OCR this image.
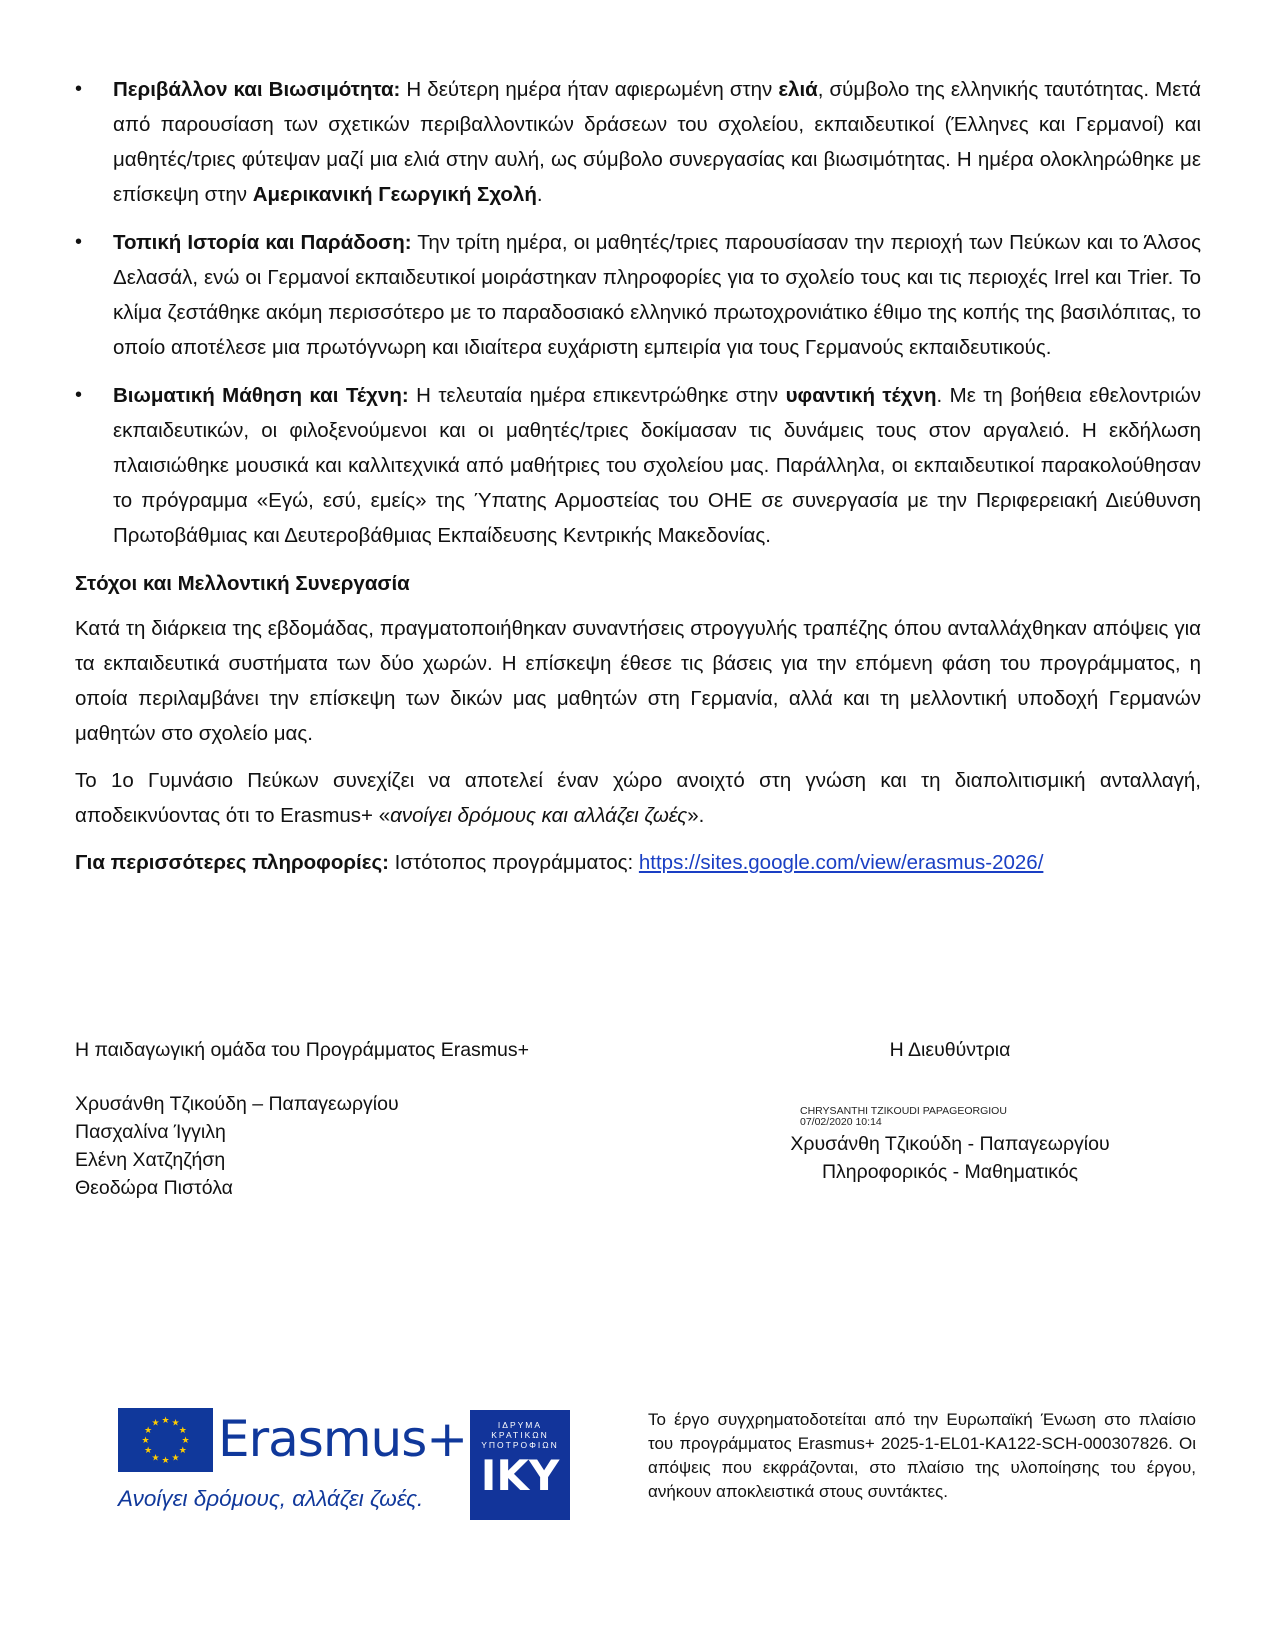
• Περιβάλλον και Βιωσιμότητα: Η δεύτερη ημέρα ήταν αφιερωμένη στην ελιά, σύμβολο της ελληνικής ταυτότητας. Μετά από παρουσίαση των σχετικών περιβαλλοντικών δράσεων του σχολείου, εκπαιδευτικοί (Έλληνες και Γερμανοί) και μαθητές/τριες φύτεψαν μαζί μια ελιά στην αυλή, ως σύμβολο συνεργασίας και βιωσιμότητας. Η ημέρα ολοκληρώθηκε με επίσκεψη στην Αμερικανική Γεωργική Σχολή.
• Τοπική Ιστορία και Παράδοση: Την τρίτη ημέρα, οι μαθητές/τριες παρουσίασαν την περιοχή των Πεύκων και το Άλσος Δελασάλ, ενώ οι Γερμανοί εκπαιδευτικοί μοιράστηκαν πληροφορίες για το σχολείο τους και τις περιοχές Irrel και Trier. Το κλίμα ζεστάθηκε ακόμη περισσότερο με το παραδοσιακό ελληνικό πρωτοχρονιάτικο έθιμο της κοπής της βασιλόπιτας, το οποίο αποτέλεσε μια πρωτόγνωρη και ιδιαίτερα ευχάριστη εμπειρία για τους Γερμανούς εκπαιδευτικούς.
• Βιωματική Μάθηση και Τέχνη: Η τελευταία ημέρα επικεντρώθηκε στην υφαντική τέχνη. Με τη βοήθεια εθελοντριών εκπαιδευτικών, οι φιλοξενούμενοι και οι μαθητές/τριες δοκίμασαν τις δυνάμεις τους στον αργαλειό. Η εκδήλωση πλαισιώθηκε μουσικά και καλλιτεχνικά από μαθήτριες του σχολείου μας. Παράλληλα, οι εκπαιδευτικοί παρακολούθησαν το πρόγραμμα «Εγώ, εσύ, εμείς» της Ύπατης Αρμοστείας του ΟΗΕ σε συνεργασία με την Περιφερειακή Διεύθυνση Πρωτοβάθμιας και Δευτεροβάθμιας Εκπαίδευσης Κεντρικής Μακεδονίας.

Στόχοι και Μελλοντική Συνεργασία

Κατά τη διάρκεια της εβδομάδας, πραγματοποιήθηκαν συναντήσεις στρογγυλής τραπέζης όπου ανταλλάχθηκαν απόψεις για τα εκπαιδευτικά συστήματα των δύο χωρών. Η επίσκεψη έθεσε τις βάσεις για την επόμενη φάση του προγράμματος, η οποία περιλαμβάνει την επίσκεψη των δικών μας μαθητών στη Γερμανία, αλλά και τη μελλοντική υποδοχή Γερμανών μαθητών στο σχολείο μας.

Το 1ο Γυμνάσιο Πεύκων συνεχίζει να αποτελεί έναν χώρο ανοιχτό στη γνώση και τη διαπολιτισμική ανταλλαγή, αποδεικνύοντας ότι το Erasmus+ «ανοίγει δρόμους και αλλάζει ζωές».

Για περισσότερες πληροφορίες: Ιστότοπος προγράμματος: https://sites.google.com/view/erasmus-2026/

Η παιδαγωγική ομάδα του Προγράμματος Erasmus+
Χρυσάνθη Τζικούδη – Παπαγεωργίου
Πασχαλίνα Ίγγιλη
Ελένη Χατζηζήση
Θεοδώρα Πιστόλα
Η Διευθύντρια
CHRYSANTHI TZIKOUDI PAPAGEORGIOU
07/02/2020 10:14
Χρυσάνθη Τζικούδη - Παπαγεωργίου
Πληροφορικός - Μαθηματικός
★
★
★
★
★
★
★
★
★ ★ ★
★ Erasmus+
Ανοίγει δρόμους, αλλάζει ζωές.
ΙΔΡΥΜΑ
ΚΡΑΤΙΚΩΝ
ΥΠΟΤΡΟΦΙΩΝ
IKY
Το έργο συγχρηματοδοτείται από την Ευρωπαϊκή Ένωση στο πλαίσιο του προγράμματος Erasmus+ 2025-1-EL01-KA122-SCH-000307826. Οι απόψεις που εκφράζονται, στο πλαίσιο της υλοποίησης του έργου, ανήκουν αποκλειστικά στους συντάκτες.
